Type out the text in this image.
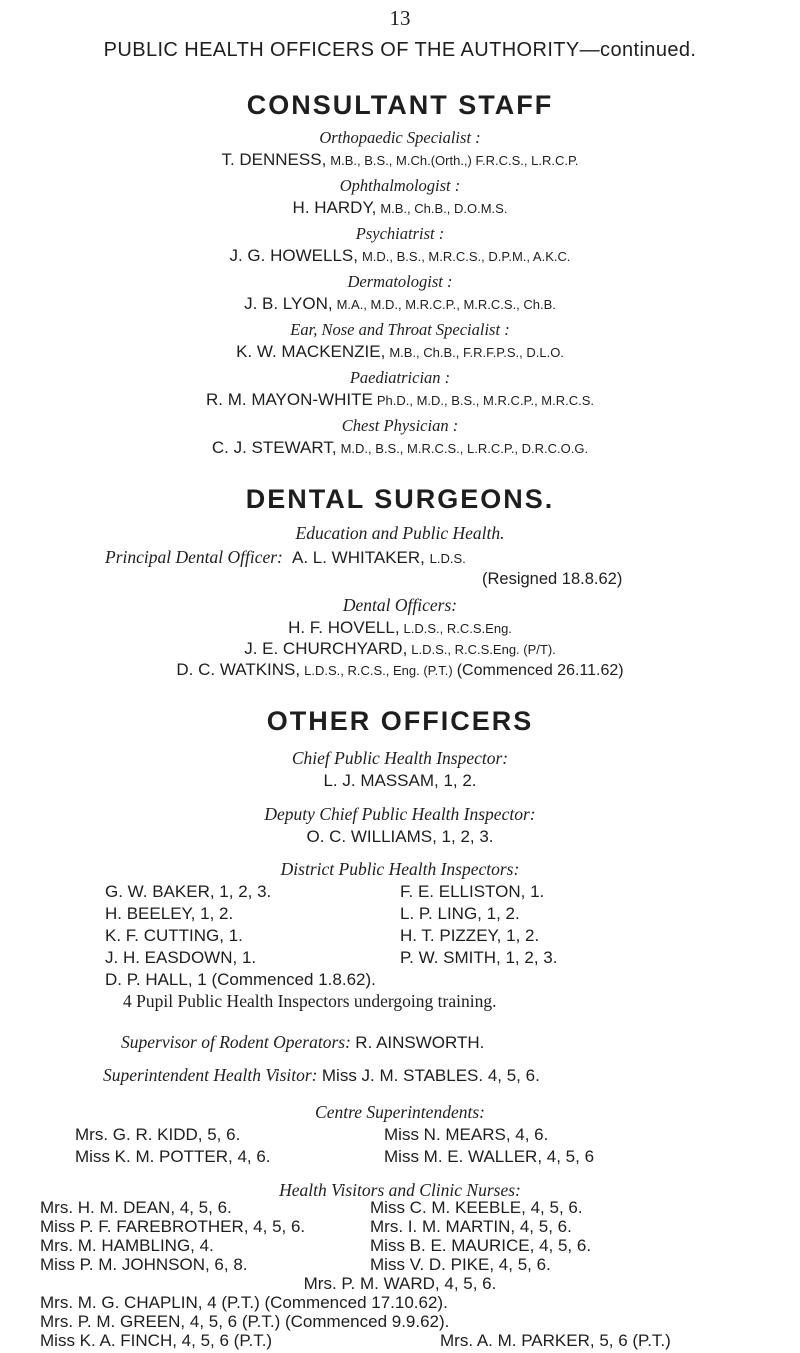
13
PUBLIC HEALTH OFFICERS OF THE AUTHORITY—continued.
CONSULTANT STAFF
Orthopaedic Specialist :
T. DENNESS, M.B., B.S., M.Ch.(Orth.,) F.R.C.S., L.R.C.P.
Ophthalmologist :
H. HARDY, M.B., Ch.B., D.O.M.S.
Psychiatrist :
J. G. HOWELLS, M.D., B.S., M.R.C.S., D.P.M., A.K.C.
Dermatologist :
J. B. LYON, M.A., M.D., M.R.C.P., M.R.C.S., Ch.B.
Ear, Nose and Throat Specialist :
K. W. MACKENZIE, M.B., Ch.B., F.R.F.P.S., D.L.O.
Paediatrician :
R. M. MAYON-WHITE Ph.D., M.D., B.S., M.R.C.P., M.R.C.S.
Chest Physician :
C. J. STEWART, M.D., B.S., M.R.C.S., L.R.C.P., D.R.C.O.G.
DENTAL SURGEONS.
Education and Public Health.
Principal Dental Officer: A. L. WHITAKER, L.D.S.
(Resigned 18.8.62)
Dental Officers:
H. F. HOVELL, L.D.S., R.C.S.Eng.
J. E. CHURCHYARD, L.D.S., R.C.S.Eng. (P/T).
D. C. WATKINS, L.D.S., R.C.S., Eng. (P.T.) (Commenced 26.11.62)
OTHER OFFICERS
Chief Public Health Inspector:
L. J. MASSAM, 1, 2.
Deputy Chief Public Health Inspector:
O. C. WILLIAMS, 1, 2, 3.
District Public Health Inspectors:
G. W. BAKER, 1, 2, 3.	F. E. ELLISTON, 1.
H. BEELEY, 1, 2.	L. P. LING, 1, 2.
K. F. CUTTING, 1.	H. T. PIZZEY, 1, 2.
J. H. EASDOWN, 1.	P. W. SMITH, 1, 2, 3.
D. P. HALL, 1 (Commenced 1.8.62).
4 Pupil Public Health Inspectors undergoing training.
Supervisor of Rodent Operators: R. AINSWORTH.
Superintendent Health Visitor: Miss J. M. STABLES. 4, 5, 6.
Centre Superintendents:
Mrs. G. R. KIDD, 5, 6.	Miss N. MEARS, 4, 6.
Miss K. M. POTTER, 4, 6.	Miss M. E. WALLER, 4, 5, 6
Health Visitors and Clinic Nurses:
Mrs. H. M. DEAN, 4, 5, 6.	Miss C. M. KEEBLE, 4, 5, 6.
Miss P. F. FAREBROTHER, 4, 5, 6.	Mrs. I. M. MARTIN, 4, 5, 6.
Mrs. M. HAMBLING, 4.	Miss B. E. MAURICE, 4, 5, 6.
Miss P. M. JOHNSON, 6, 8.	Miss V. D. PIKE, 4, 5, 6.
Mrs. P. M. WARD, 4, 5, 6.
Mrs. M. G. CHAPLIN, 4 (P.T.) (Commenced 17.10.62).
Mrs. P. M. GREEN, 4, 5, 6 (P.T.) (Commenced 9.9.62).
Miss K. A. FINCH, 4, 5, 6 (P.T.)	Mrs. A. M. PARKER, 5, 6 (P.T.)
